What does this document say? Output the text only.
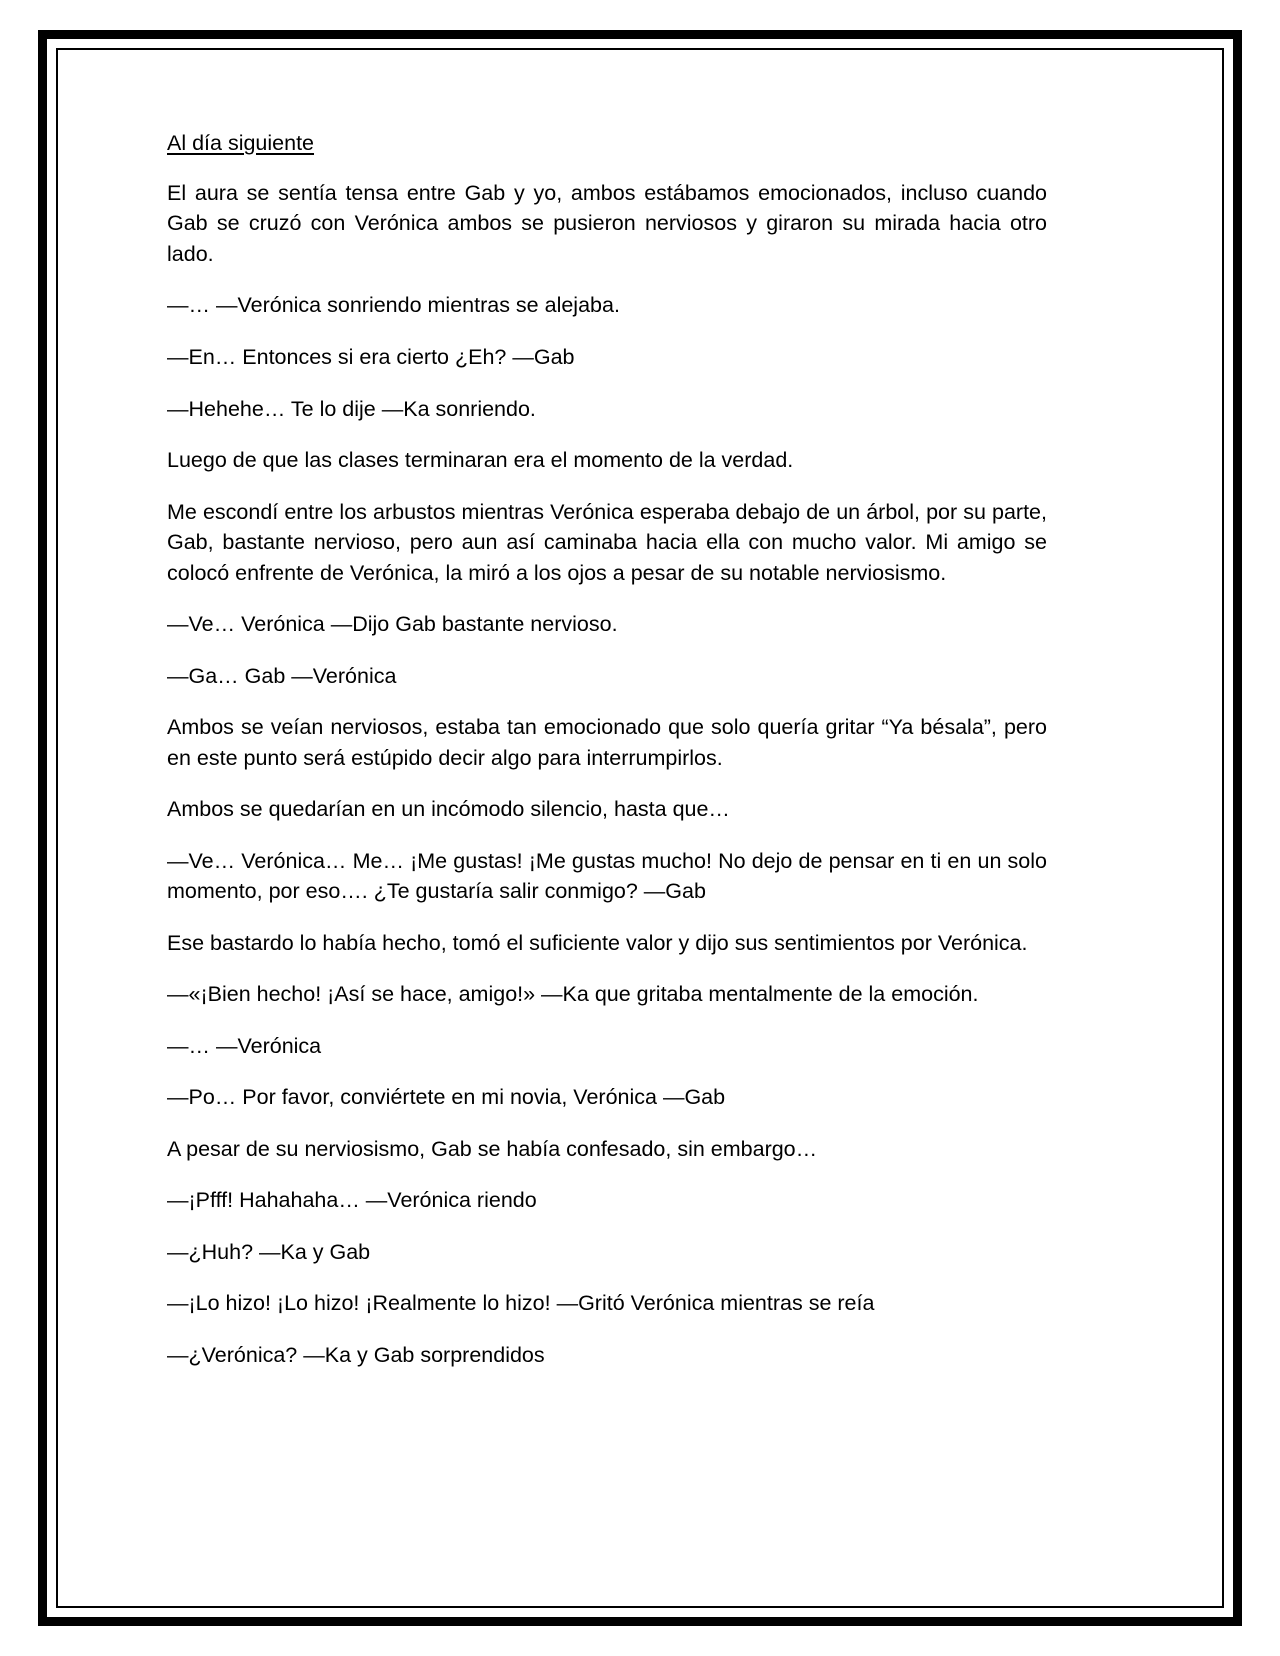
Al día siguiente

El aura se sentía tensa entre Gab y yo, ambos estábamos emocionados, incluso cuando Gab se cruzó con Verónica ambos se pusieron nerviosos y giraron su mirada hacia otro lado.

—… —Verónica sonriendo mientras se alejaba.

—En… Entonces si era cierto ¿Eh? —Gab

—Hehehe… Te lo dije —Ka sonriendo.

Luego de que las clases terminaran era el momento de la verdad.

Me escondí entre los arbustos mientras Verónica esperaba debajo de un árbol, por su parte, Gab, bastante nervioso, pero aun así caminaba hacia ella con mucho valor. Mi amigo se colocó enfrente de Verónica, la miró a los ojos a pesar de su notable nerviosismo.

—Ve… Verónica —Dijo Gab bastante nervioso.

—Ga… Gab —Verónica

Ambos se veían nerviosos, estaba tan emocionado que solo quería gritar “Ya bésala”, pero en este punto será estúpido decir algo para interrumpirlos.

Ambos se quedarían en un incómodo silencio, hasta que…

—Ve… Verónica… Me… ¡Me gustas! ¡Me gustas mucho! No dejo de pensar en ti en un solo momento, por eso…. ¿Te gustaría salir conmigo? —Gab

Ese bastardo lo había hecho, tomó el suficiente valor y dijo sus sentimientos por Verónica.

—«¡Bien hecho! ¡Así se hace, amigo!» —Ka que gritaba mentalmente de la emoción.

—… —Verónica

—Po… Por favor, conviértete en mi novia, Verónica —Gab

A pesar de su nerviosismo, Gab se había confesado, sin embargo…

—¡Pfff! Hahahaha… —Verónica riendo

—¿Huh? —Ka y Gab

—¡Lo hizo! ¡Lo hizo! ¡Realmente lo hizo! —Gritó Verónica mientras se reía

—¿Verónica? —Ka y Gab sorprendidos
